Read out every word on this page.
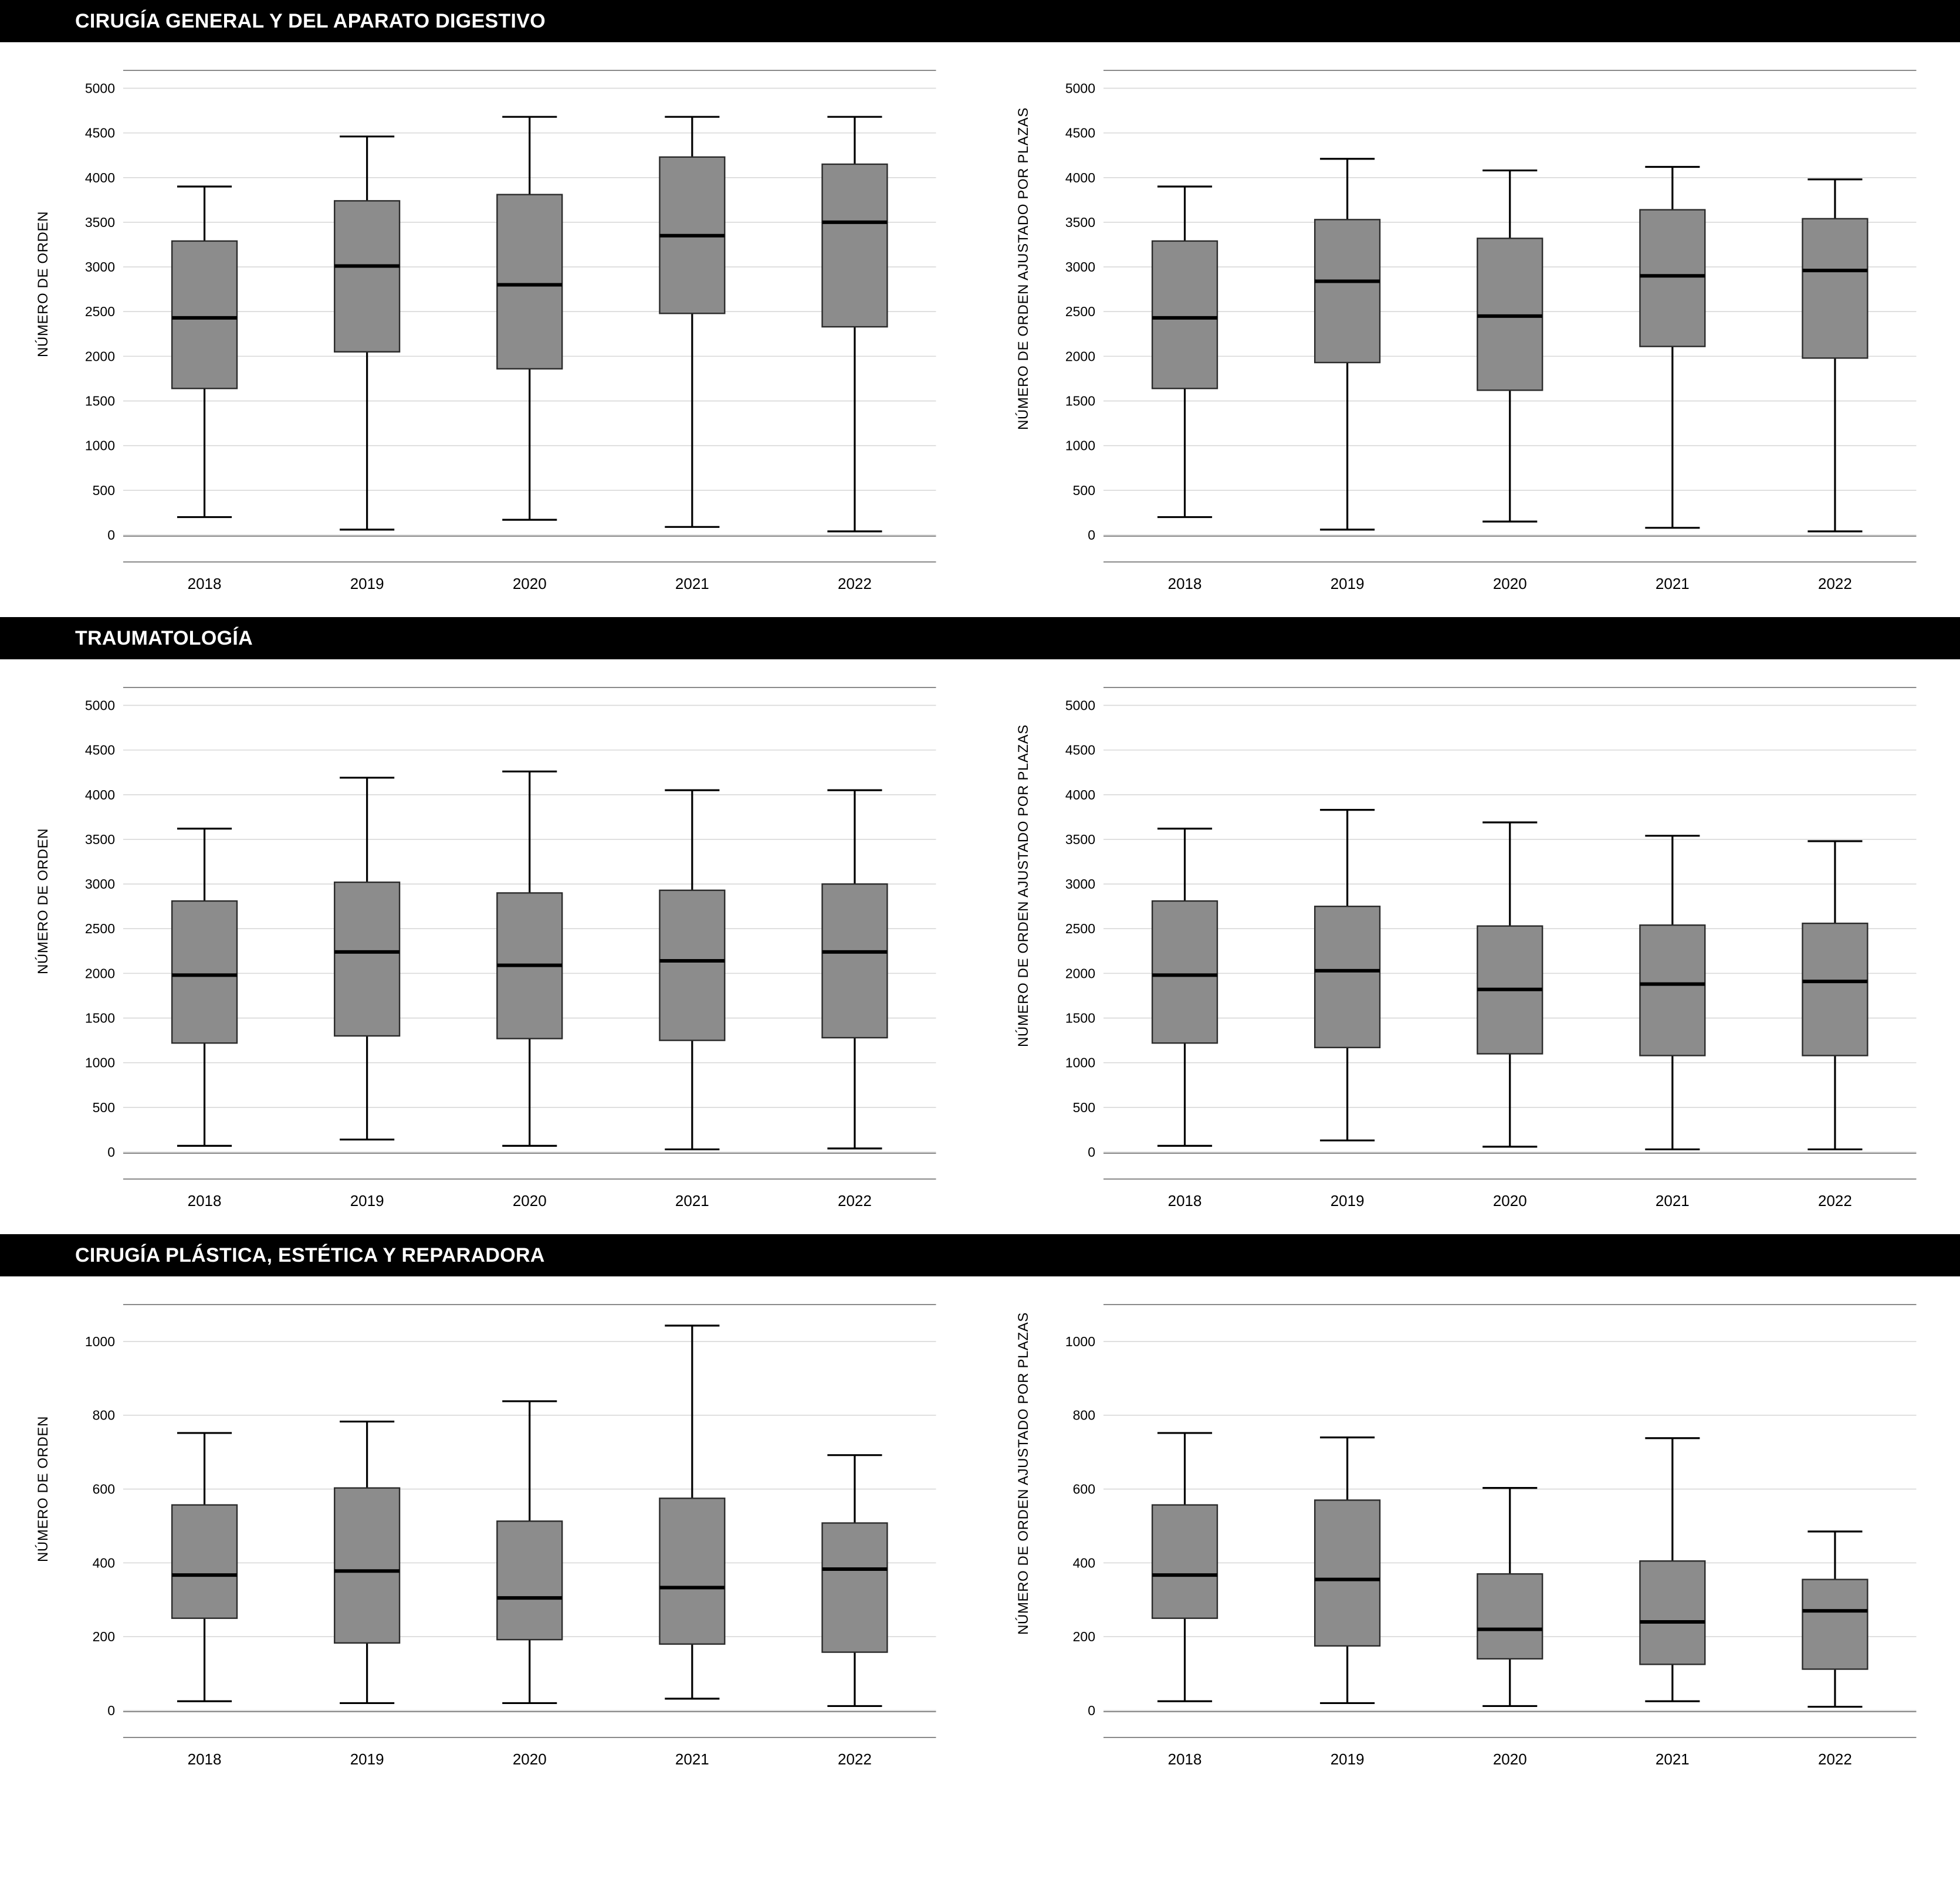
CIRUGÍA GENERAL Y DEL APARATO DIGESTIVO
NÚMERO DE ORDEN
0
500
1000
1500
2000
2500
3000
3500
4000
4500
5000
2018	2019	2020	2021	2022
NÚMERO DE ORDEN AJUSTADO POR PLAZAS
0
500
1000
1500
2000
2500
3000
3500
4000
4500
5000
2018	2019	2020	2021	2022
TRAUMATOLOGÍA
NÚMERO DE ORDEN
0
500
1000
1500
2000
2500
3000
3500
4000
4500
5000
2018	2019	2020	2021	2022
NÚMERO DE ORDEN AJUSTADO POR PLAZAS
0
500
1000
1500
2000
2500
3000
3500
4000
4500
5000
2018	2019	2020	2021	2022
CIRUGÍA PLÁSTICA, ESTÉTICA Y REPARADORA
NÚMERO DE ORDEN
0
200
400
600
800
1000
2018	2019	2020	2021	2022
NÚMERO DE ORDEN AJUSTADO POR PLAZAS
0
200
400
600
800
1000
2018	2019	2020	2021	2022
